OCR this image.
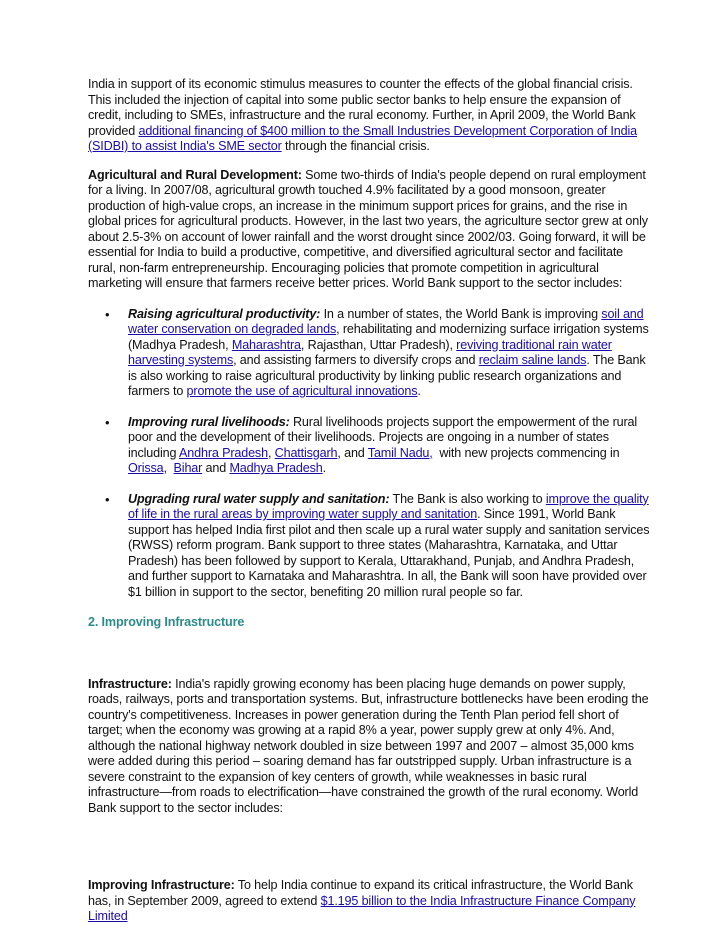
India in support of its economic stimulus measures to counter the effects of the global financial crisis. This included the injection of capital into some public sector banks to help ensure the expansion of credit, including to SMEs, infrastructure and the rural economy. Further, in April 2009, the World Bank provided additional financing of $400 million to the Small Industries Development Corporation of India (SIDBI) to assist India's SME sector through the financial crisis.

Agricultural and Rural Development: Some two-thirds of India's people depend on rural employment for a living. In 2007/08, agricultural growth touched 4.9% facilitated by a good monsoon, greater production of high-value crops, an increase in the minimum support prices for grains, and the rise in global prices for agricultural products. However, in the last two years, the agriculture sector grew at only about 2.5-3% on account of lower rainfall and the worst drought since 2002/03. Going forward, it will be essential for India to build a productive, competitive, and diversified agricultural sector and facilitate rural, non-farm entrepreneurship. Encouraging policies that promote competition in agricultural marketing will ensure that farmers receive better prices. World Bank support to the sector includes:

• Raising agricultural productivity: In a number of states, the World Bank is improving soil and water conservation on degraded lands, rehabilitating and modernizing surface irrigation systems (Madhya Pradesh, Maharashtra, Rajasthan, Uttar Pradesh), reviving traditional rain water harvesting systems, and assisting farmers to diversify crops and reclaim saline lands. The Bank is also working to raise agricultural productivity by linking public research organizations and farmers to promote the use of agricultural innovations.
• Improving rural livelihoods: Rural livelihoods projects support the empowerment of the rural poor and the development of their livelihoods. Projects are ongoing in a number of states including Andhra Pradesh, Chattisgarh, and Tamil Nadu,  with new projects commencing in Orissa,  Bihar and Madhya Pradesh.
• Upgrading rural water supply and sanitation: The Bank is also working to improve the quality of life in the rural areas by improving water supply and sanitation. Since 1991, World Bank support has helped India first pilot and then scale up a rural water supply and sanitation services (RWSS) reform program. Bank support to three states (Maharashtra, Karnataka, and Uttar Pradesh) has been followed by support to Kerala, Uttarakhand, Punjab, and Andhra Pradesh, and further support to Karnataka and Maharashtra. In all, the Bank will soon have provided over $1 billion in support to the sector, benefiting 20 million rural people so far.

2. Improving Infrastructure

Infrastructure: India's rapidly growing economy has been placing huge demands on power supply, roads, railways, ports and transportation systems. But, infrastructure bottlenecks have been eroding the country's competitiveness. Increases in power generation during the Tenth Plan period fell short of target; when the economy was growing at a rapid 8% a year, power supply grew at only 4%. And, although the national highway network doubled in size between 1997 and 2007 – almost 35,000 kms were added during this period – soaring demand has far outstripped supply. Urban infrastructure is a severe constraint to the expansion of key centers of growth, while weaknesses in basic rural infrastructure—from roads to electrification—have constrained the growth of the rural economy. World Bank support to the sector includes:

Improving Infrastructure: To help India continue to expand its critical infrastructure, the World Bank has, in September 2009, agreed to extend $1.195 billion to the India Infrastructure Finance Company Limited
